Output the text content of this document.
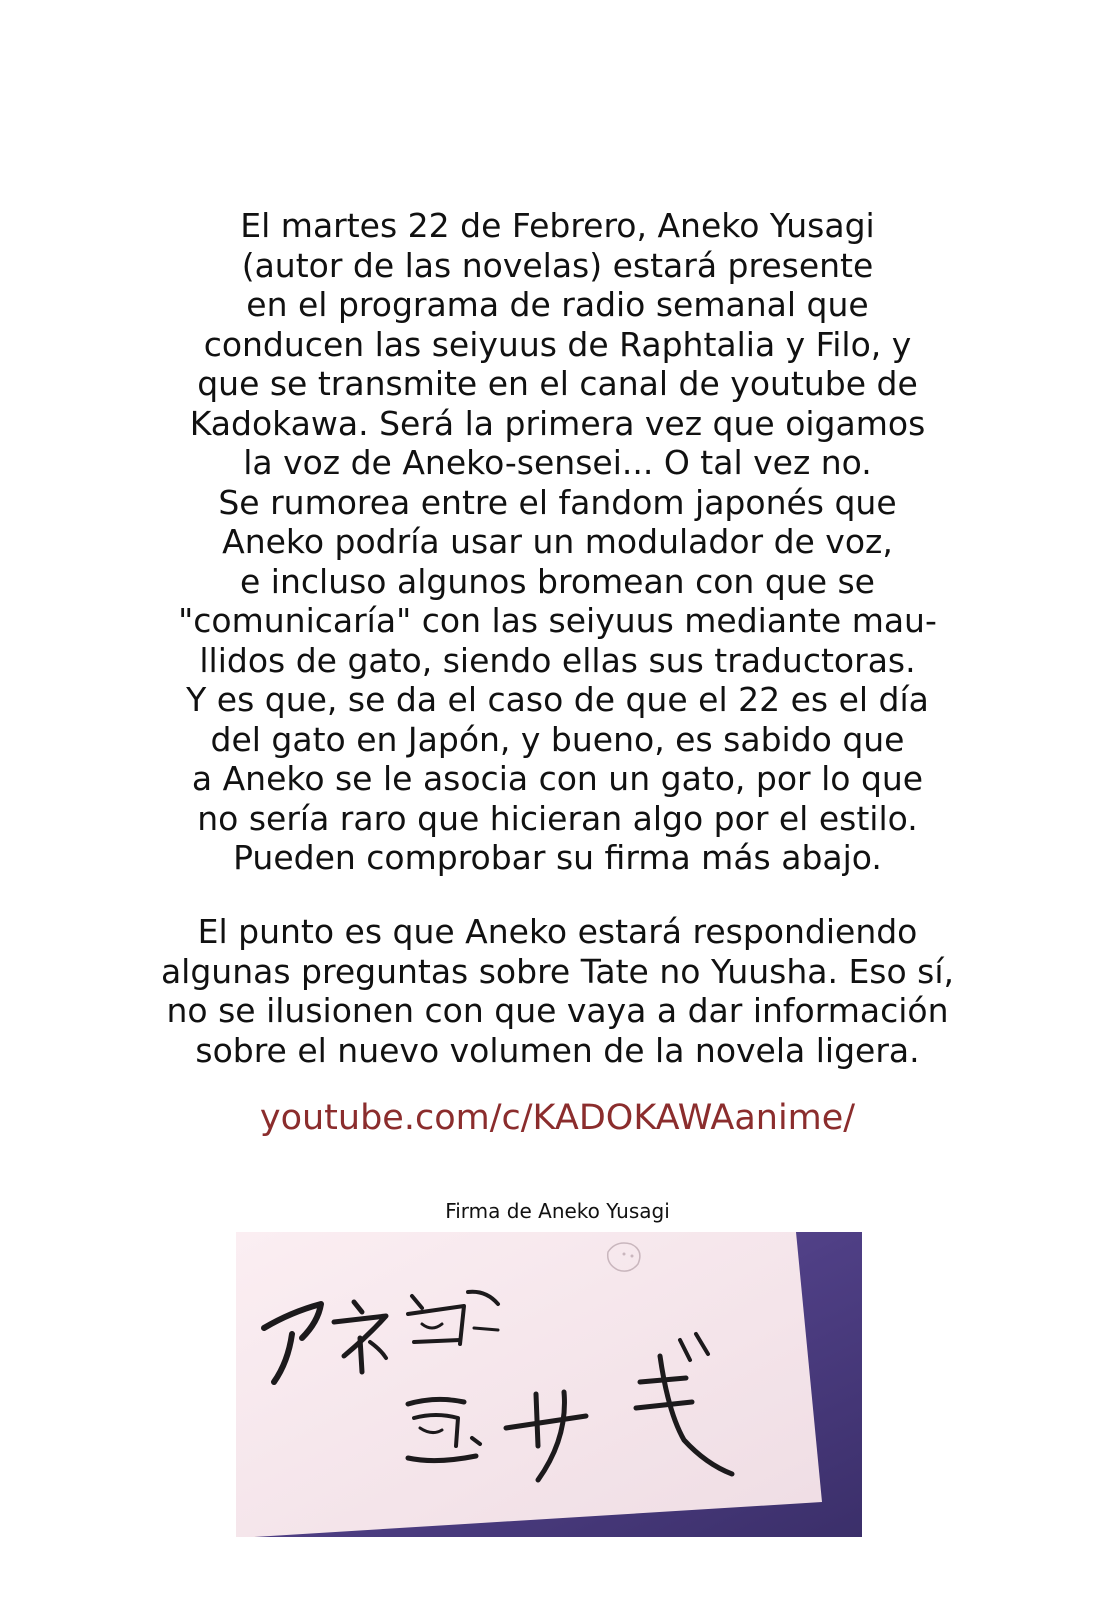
El martes 22 de Febrero, Aneko Yusagi
(autor de las novelas) estará presente
en el programa de radio semanal que
conducen las seiyuus de Raphtalia y Filo, y
que se transmite en el canal de youtube de
Kadokawa. Será la primera vez que oigamos
la voz de Aneko-sensei... O tal vez no.
Se rumorea entre el fandom japonés que
Aneko podría usar un modulador de voz,
e incluso algunos bromean con que se
"comunicaría" con las seiyuus mediante mau-
llidos de gato, siendo ellas sus traductoras.
Y es que, se da el caso de que el 22 es el día
del gato en Japón, y bueno, es sabido que
a Aneko se le asocia con un gato, por lo que
no sería raro que hicieran algo por el estilo.
Pueden comprobar su firma más abajo.
El punto es que Aneko estará respondiendo
algunas preguntas sobre Tate no Yuusha. Eso sí,
no se ilusionen con que vaya a dar información
sobre el nuevo volumen de la novela ligera.
youtube.com/c/KADOKAWAanime/
Firma de Aneko Yusagi
